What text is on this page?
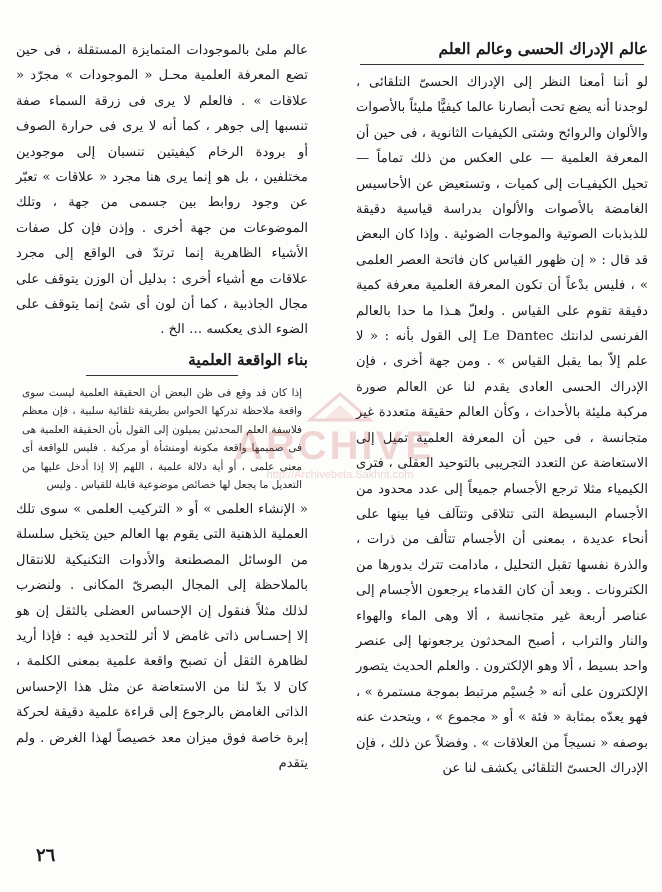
عالم الإدراك الحسى وعالم العلم

لو أننا أمعنا النظر إلى الإدراك الحسىّ التلقائى ، لوجدنا أنه يضع تحت أبصارنا عالما كيفيًّا مليئاً بالأصوات والألوان والروائح وشتى الكيفيات الثانوية ، فى حين أن المعرفة العلمية — على العكس من ذلك تماماً — تحيل الكيفيـات إلى كميات ، وتستعيض عن الأحاسيس الغامضة بالأصوات والألوان بدراسة قياسية دقيقة للذبذبات الصوتية والموجات الضوئية . وإذا كان البعض قد قال : « إن ظهور القياس كان فاتحة العصر العلمى » ، فليس بدْعاً أن تكون المعرفة العلمية معرفة كمية دقيقة تقوم على القياس . ولعلّ هـذا ما حدا بالعالم الفرنسى لدانتك Le Dantec إلى القول بأنه : « لا علم إلاّ بما يقبل القياس » . ومن جهة أخرى ، فإن الإدراك الحسى العادى يقدم لنا عن العالم صورة مركبة مليئة بالأحداث ، وكأن العالم حقيقة متعددة غير متجانسة ، فى حين أن المعرفة العلمية تميل إلى الاستعاضة عن التعدد التجريبى بالتوحيد العقلى ، فترى الكيمياء مثلا ترجع الأجسام جميعاً إلى عدد محدود من الأجسام البسيطة التى تتلاقى وتتآلف فيا بينها على أنحاء عديدة ، بمعنى أن الأجسام تتألف من ذرات ، والذرة نفسها تقبل التحليل ، مادامت تترك بدورها من الكترونات . وبعد أن كان القدماء يرجعون الأجسام إلى عناصر أربعة غير متجانسة ، ألا وهى الماء والهواء والنار والتراب ، أصبح المحدثون يرجعونها إلى عنصر واحد بسيط ، ألا وهو الإلكترون . والعلم الحديث يتصور الإلكترون على أنه « جُسيْم مرتبط بموجة مستمرة » ، فهو يعدّه بمثابة « فئة » أو « مجموع » ، ويتحدث عنه بوصفه « نسيجاً من العلاقات » . وفضلاً عن ذلك ، فإن الإدراك الحسىّ التلقائى يكشف لنا عن

عالم ملئ بالموجودات المتمايزة المستقلة ، فى حين تضع المعرفة العلمية محـل « الموجودات » مجرّد « علاقات » . فالعلم لا يرى فى زرقة السماء صفة تنسبها إلى جوهر ، كما أنه لا يرى فى حرارة الصوف أو برودة الرخام كيفيتين تنسبان إلى موجودين مختلفين ، بل هو إنما يرى هنا مجرد « علاقات » تعبّر عن وجود روابط بين جسمى من جهة ، وتلك الموضوعات من جهة أخرى . وإذن فإن كل صفات الأشياء الظاهرية إنما ترتدّ فى الواقع إلى مجرد علاقات مع أشياء أخرى : بدليل أن الوزن يتوقف على مجال الجاذبية ، كما أن لون أى شئ إنما يتوقف على الضوء الذى يعكسه … الخ .

بناء الواقعة العلمية
إذا كان قد وقع فى ظن البعض أن الحقيقة العلمية ليست سوى واقعة ملاحظة تدركها الحواس بطريقة تلقائية سلبية ، فإن معظم فلاسفة العلم المحدثين يميلون إلى القول بأن الحقيقة العلمية هى فى صميمها واقعة مكونة أومنشأة أو مركبة . فليس للواقعة أى معنى علمى ، أو أية دلالة علمية ، اللهم إلا إذا أدخل عليها من التعديل ما يجعل لها خصائص موضوعية قابلة للقياس . وليس

« الإنشاء العلمى » أو « التركيب العلمى » سوى تلك العملية الذهنية التى يقوم بها العالم حين يتخيل سلسلة من الوسائل المصطنعة والأدوات التكنيكية للانتقال بالملاحظة إلى المجال البصرىّ المكانى . ولنضرب لذلك مثلاً فنقول إن الإحساس العضلى بالثقل إن هو إلا إحسـاس ذاتى غامض لا أثر للتحديد فيه : فإذا أريد لظاهرة الثقل أن تصبح واقعة علمية بمعنى الكلمة ، كان لا بدّ لنا من الاستعاضة عن مثل هذا الإحساس الذاتى الغامض بالرجوع إلى قراءة علمية دقيقة لحركة إبرة خاصة فوق ميزان معد خصيصاً لهذا الغرض . ولم يتقدم

ARCHIVE
http://Archivebeta.Sakhrit.com
٢٦
